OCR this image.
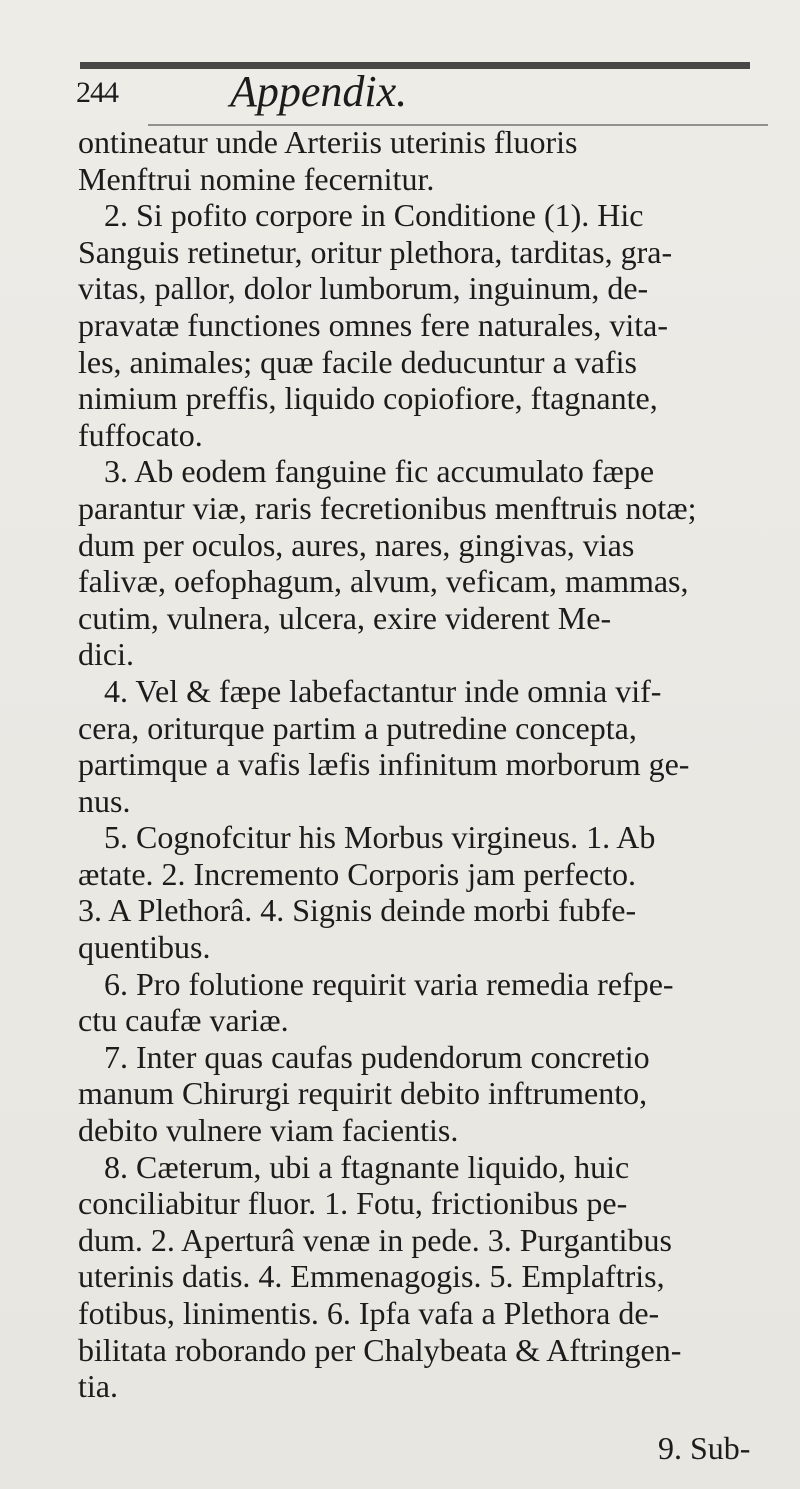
244	Appendix.
ontineatur unde Arteriis uterinis fluoris
Menftrui nomine fecernitur.
2. Si pofito corpore in Conditione (1). Hic
Sanguis retinetur, oritur plethora, tarditas, gra-
vitas, pallor, dolor lumborum, inguinum, de-
pravatæ functiones omnes fere naturales, vita-
les, animales; quæ facile deducuntur a vafis
nimium preffis, liquido copiofiore, ftagnante,
fuffocato.
3. Ab eodem fanguine fic accumulato fæpe
parantur viæ, raris fecretionibus menftruis notæ;
dum per oculos, aures, nares, gingivas, vias
falivæ, oefophagum, alvum, veficam, mammas,
cutim, vulnera, ulcera, exire viderent Me-
dici.
4. Vel & fæpe labefactantur inde omnia vif-
cera, oriturque partim a putredine concepta,
partimque a vafis læfis infinitum morborum ge-
nus.
5. Cognofcitur his Morbus virgineus. 1. Ab
ætate. 2. Incremento Corporis jam perfecto.
3. A Plethorâ. 4. Signis deinde morbi fubfe-
quentibus.
6. Pro folutione requirit varia remedia refpe-
ctu caufæ variæ.
7. Inter quas caufas pudendorum concretio
manum Chirurgi requirit debito inftrumento,
debito vulnere viam facientis.
8. Cæterum, ubi a ftagnante liquido, huic
conciliabitur fluor. 1. Fotu, frictionibus pe-
dum. 2. Aperturâ venæ in pede. 3. Purgantibus
uterinis datis. 4. Emmenagogis. 5. Emplaftris,
fotibus, linimentis. 6. Ipfa vafa a Plethora de-
bilitata roborando per Chalybeata & Aftringen-
tia.
9. Sub-
